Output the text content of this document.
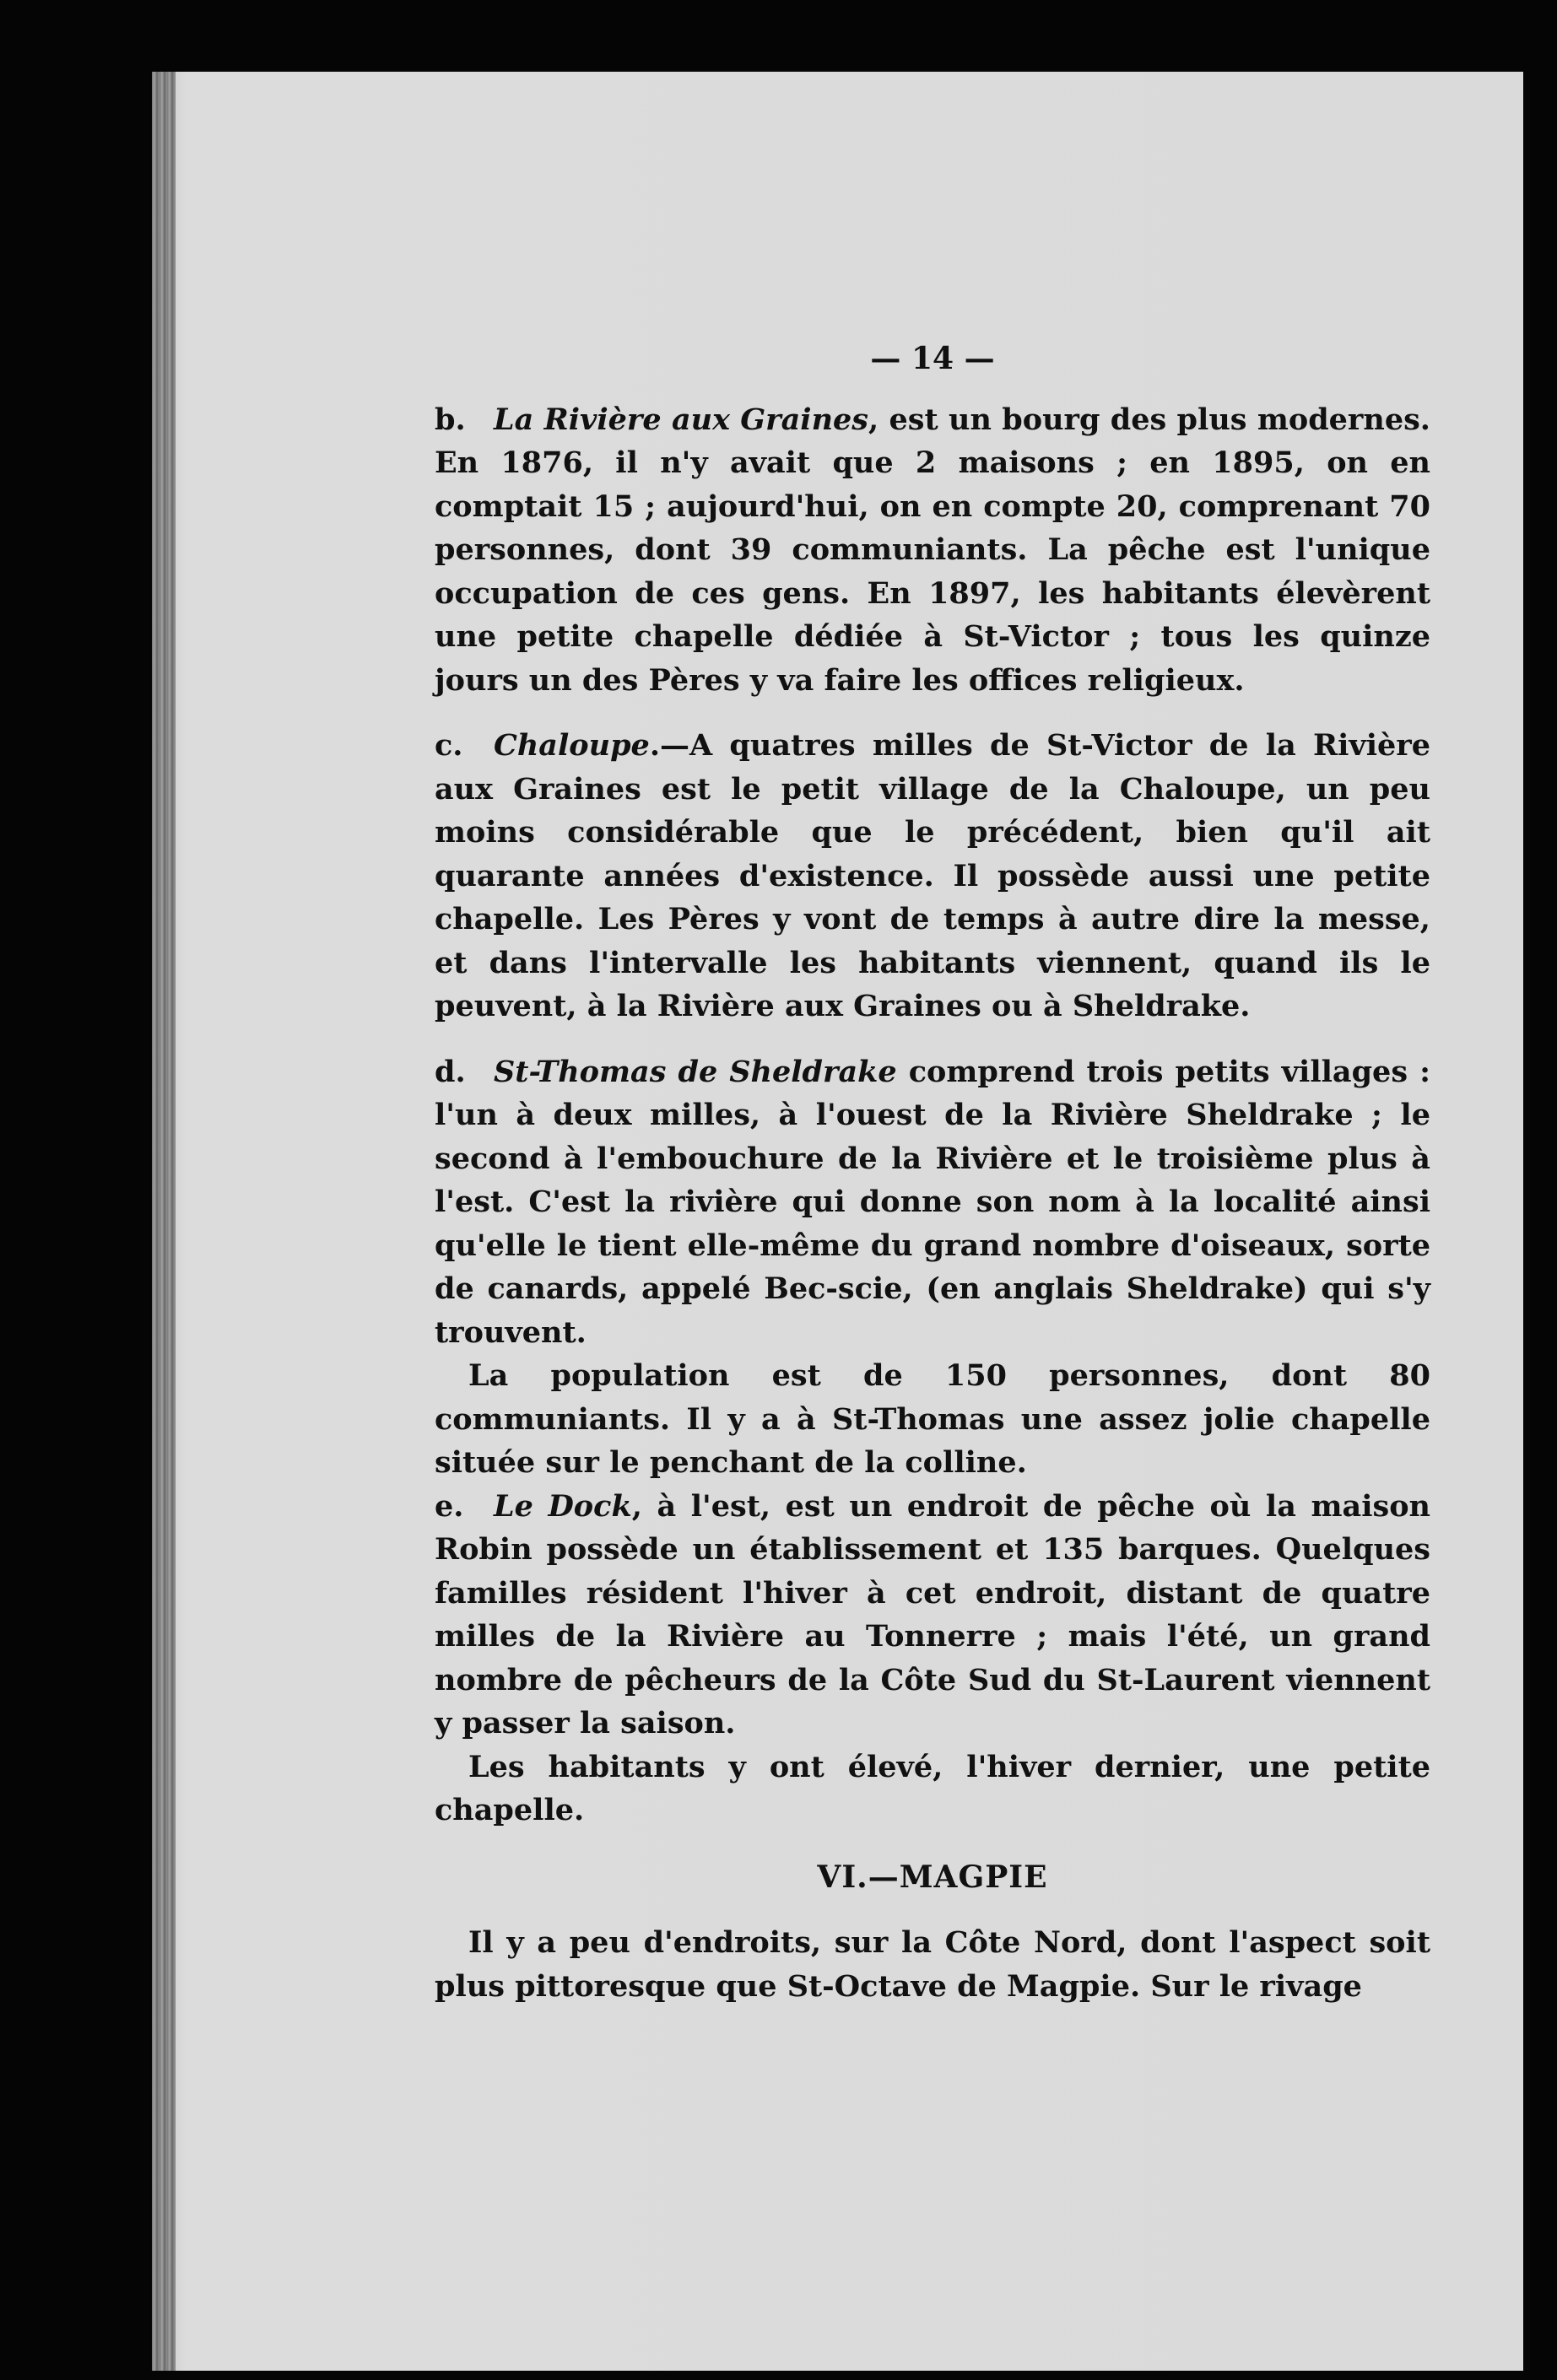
— 14 —

b. La Rivière aux Graines, est un bourg des plus modernes. En 1876, il n'y avait que 2 maisons ; en 1895, on en comptait 15 ; aujourd'hui, on en compte 20, comprenant 70 personnes, dont 39 communiants. La pêche est l'unique occupation de ces gens. En 1897, les habitants élevèrent une petite chapelle dédiée à St-Victor ; tous les quinze jours un des Pères y va faire les offices religieux.

c. Chaloupe.—A quatres milles de St-Victor de la Rivière aux Graines est le petit village de la Chaloupe, un peu moins considérable que le précédent, bien qu'il ait quarante années d'existence. Il possède aussi une petite chapelle. Les Pères y vont de temps à autre dire la messe, et dans l'intervalle les habitants viennent, quand ils le peuvent, à la Rivière aux Graines ou à Sheldrake.

d. St-Thomas de Sheldrake comprend trois petits villages : l'un à deux milles, à l'ouest de la Rivière Sheldrake ; le second à l'embouchure de la Rivière et le troisième plus à l'est. C'est la rivière qui donne son nom à la localité ainsi qu'elle le tient elle-même du grand nombre d'oiseaux, sorte de canards, appelé Bec-scie, (en anglais Sheldrake) qui s'y trouvent.

La population est de 150 personnes, dont 80 communiants. Il y a à St-Thomas une assez jolie chapelle située sur le penchant de la colline.

e. Le Dock, à l'est, est un endroit de pêche où la maison Robin possède un établissement et 135 barques. Quelques familles résident l'hiver à cet endroit, distant de quatre milles de la Rivière au Tonnerre ; mais l'été, un grand nombre de pêcheurs de la Côte Sud du St-Laurent viennent y passer la saison.

Les habitants y ont élevé, l'hiver dernier, une petite chapelle.

VI.—MAGPIE

Il y a peu d'endroits, sur la Côte Nord, dont l'aspect soit plus pittoresque que St-Octave de Magpie. Sur le rivage
